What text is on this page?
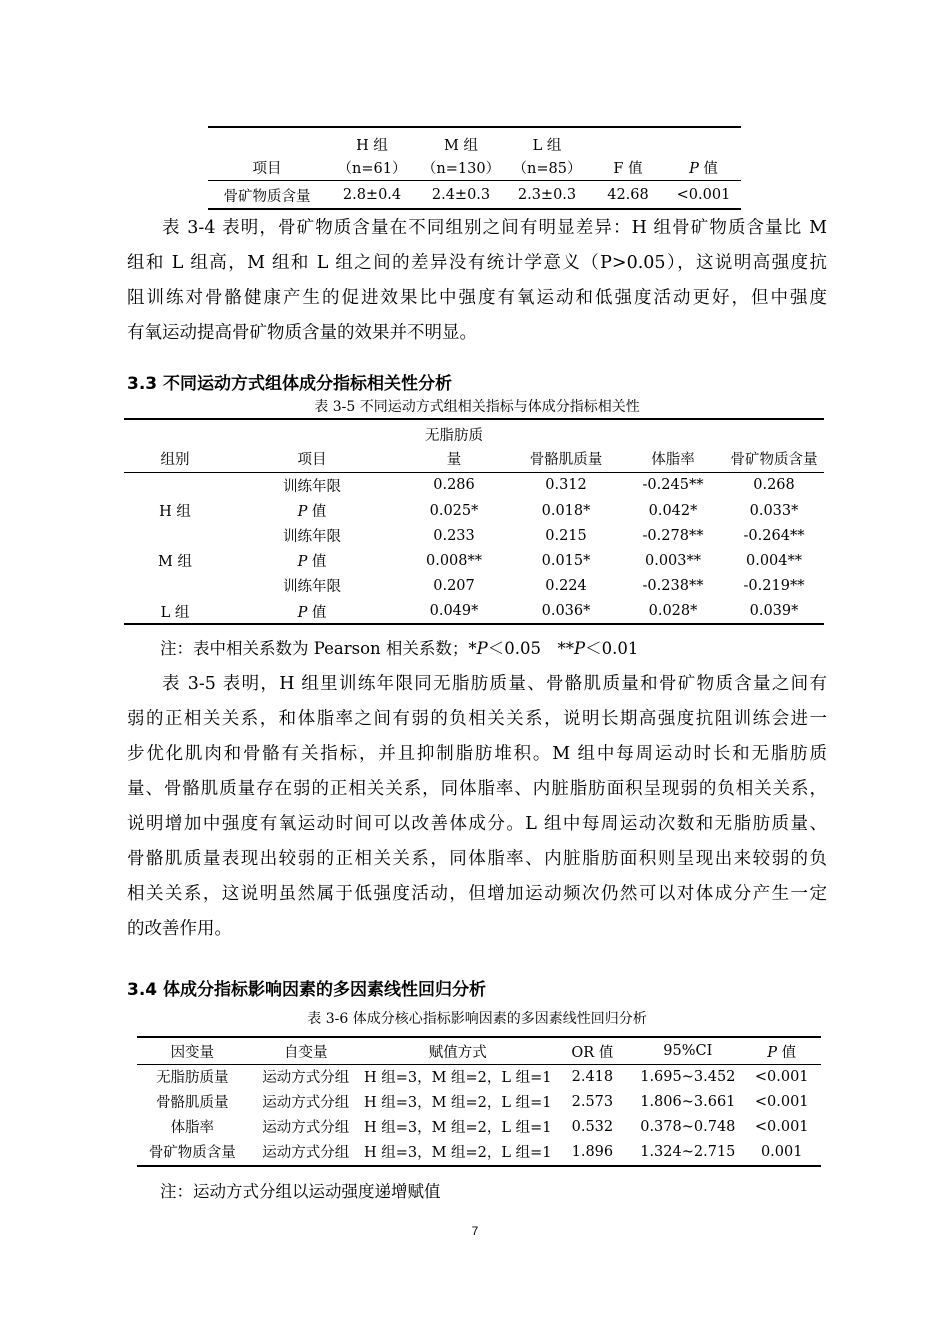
	H 组	M 组	L 组		
项目	（n=61）	（n=130）	（n=85）	F 值	P 值
骨矿物质含量	2.8±0.4	2.4±0.3	2.3±0.3	42.68	<0.001
表 3-4 表明，骨矿物质含量在不同组别之间有明显差异：H 组骨矿物质含量比 M
组和 L 组高，M 组和 L 组之间的差异没有统计学意义（P>0.05），这说明高强度抗
阻训练对骨骼健康产生的促进效果比中强度有氧运动和低强度活动更好，但中强度
有氧运动提高骨矿物质含量的效果并不明显。
3.3 不同运动方式组体成分指标相关性分析
表 3-5 不同运动方式组相关指标与体成分指标相关性
		无脂肪质			
组别	项目	量	骨骼肌质量	体脂率	骨矿物质含量
	训练年限	0.286	0.312	-0.245**	0.268
H 组	P 值	0.025*	0.018*	0.042*	0.033*
	训练年限	0.233	0.215	-0.278**	-0.264**
M 组	P 值	0.008**	0.015*	0.003**	0.004**
	训练年限	0.207	0.224	-0.238**	-0.219**
L 组	P 值	0.049*	0.036*	0.028*	0.039*
注：表中相关系数为 Pearson 相关系数；*P＜0.05　**P＜0.01
表 3-5 表明，H 组里训练年限同无脂肪质量、骨骼肌质量和骨矿物质含量之间有
弱的正相关关系，和体脂率之间有弱的负相关关系，说明长期高强度抗阻训练会进一
步优化肌肉和骨骼有关指标，并且抑制脂肪堆积。M 组中每周运动时长和无脂肪质
量、骨骼肌质量存在弱的正相关关系，同体脂率、内脏脂肪面积呈现弱的负相关关系，
说明增加中强度有氧运动时间可以改善体成分。L 组中每周运动次数和无脂肪质量、
骨骼肌质量表现出较弱的正相关关系，同体脂率、内脏脂肪面积则呈现出来较弱的负
相关关系，这说明虽然属于低强度活动，但增加运动频次仍然可以对体成分产生一定
的改善作用。
3.4 体成分指标影响因素的多因素线性回归分析
表 3-6 体成分核心指标影响因素的多因素线性回归分析
因变量	自变量	赋值方式	OR 值	95%CI	P 值
无脂肪质量	运动方式分组	H 组=3，M 组=2，L 组=1	2.418	1.695~3.452	<0.001
骨骼肌质量	运动方式分组	H 组=3，M 组=2，L 组=1	2.573	1.806~3.661	<0.001
体脂率	运动方式分组	H 组=3，M 组=2，L 组=1	0.532	0.378~0.748	<0.001
骨矿物质含量	运动方式分组	H 组=3，M 组=2，L 组=1	1.896	1.324~2.715	0.001
注：运动方式分组以运动强度递增赋值
7
